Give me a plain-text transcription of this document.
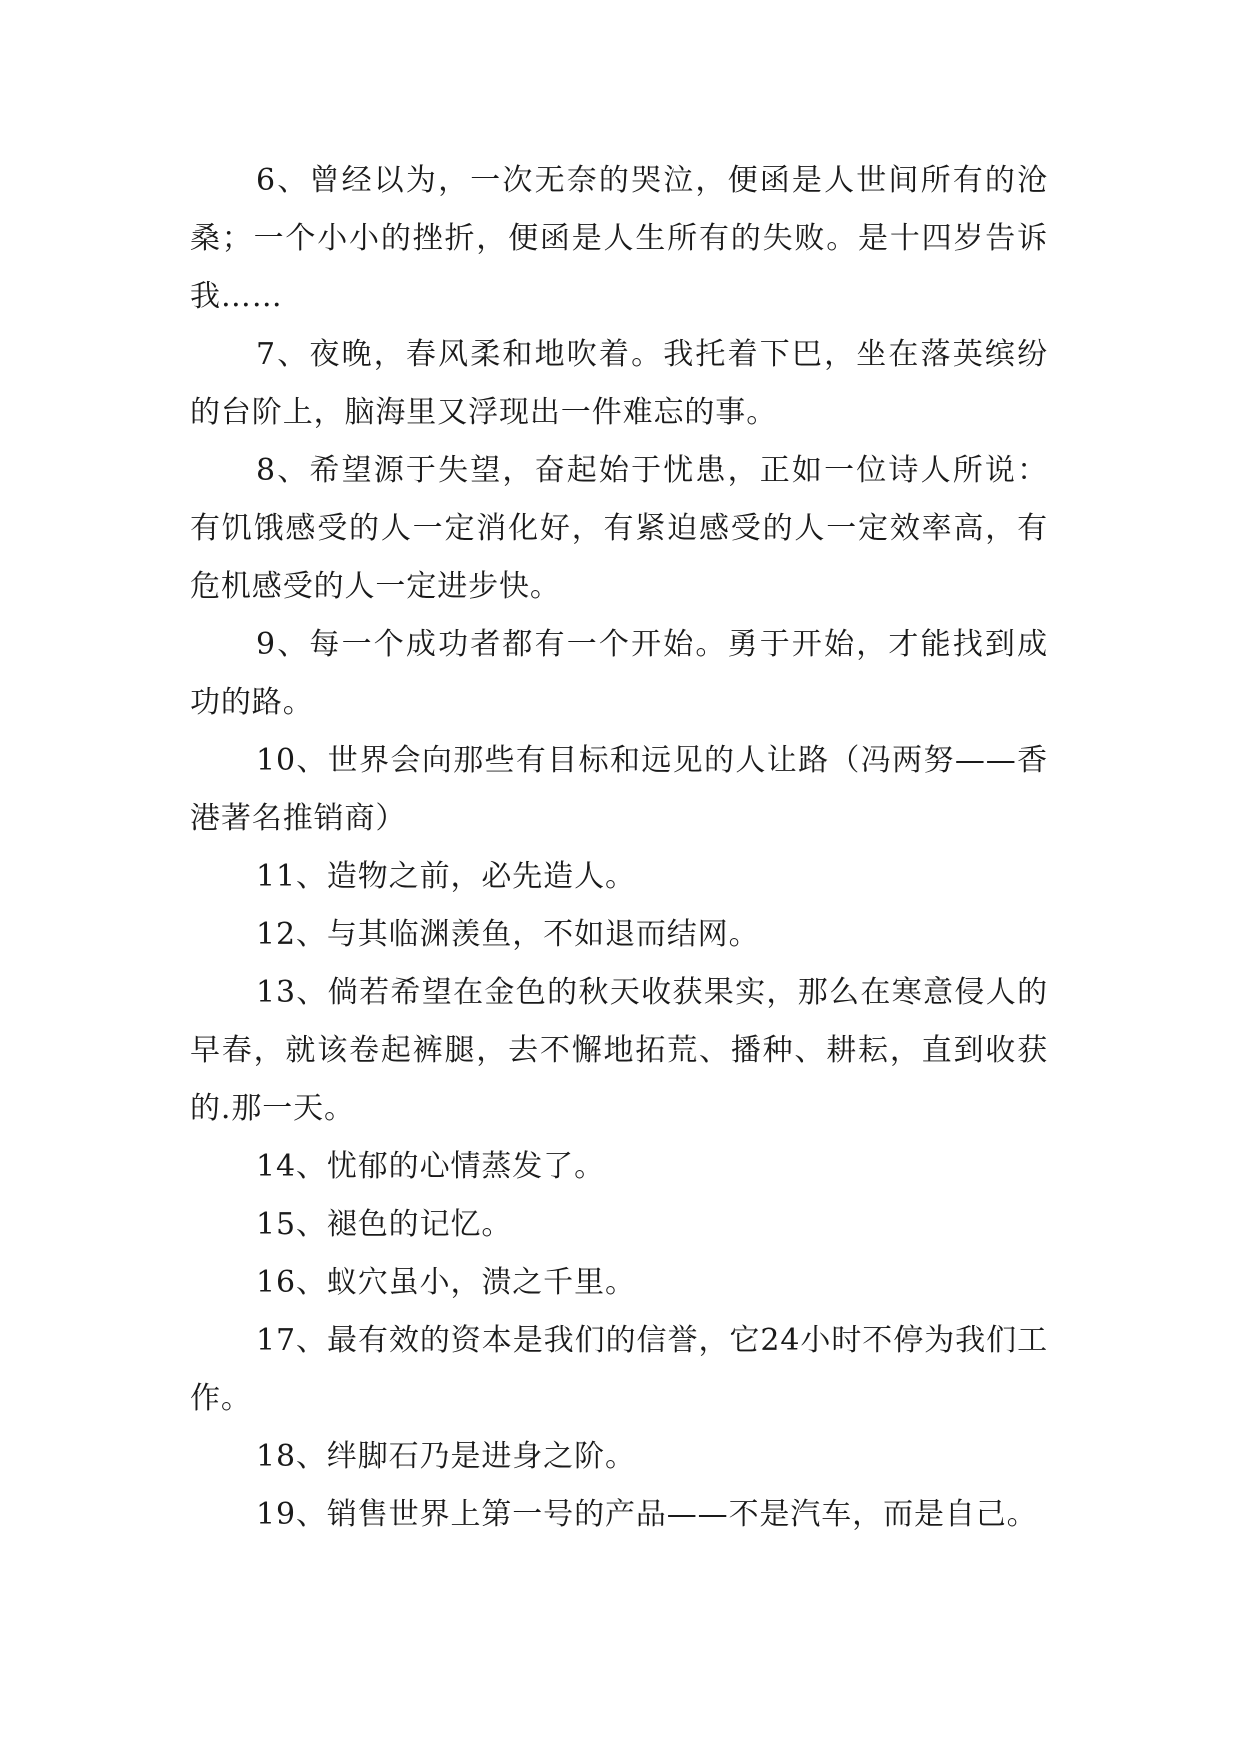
6、曾经以为，一次无奈的哭泣，便函是人世间所有的沧桑；一个小小的挫折，便函是人生所有的失败。是十四岁告诉我……

7、夜晚，春风柔和地吹着。我托着下巴，坐在落英缤纷的台阶上，脑海里又浮现出一件难忘的事。

8、希望源于失望，奋起始于忧患，正如一位诗人所说：有饥饿感受的人一定消化好，有紧迫感受的人一定效率高，有危机感受的人一定进步快。

9、每一个成功者都有一个开始。勇于开始，才能找到成功的路。

10、世界会向那些有目标和远见的人让路（冯两努——香港著名推销商）

11、造物之前，必先造人。

12、与其临渊羡鱼，不如退而结网。

13、倘若希望在金色的秋天收获果实，那么在寒意侵人的早春，就该卷起裤腿，去不懈地拓荒、播种、耕耘，直到收获的.那一天。

14、忧郁的心情蒸发了。

15、褪色的记忆。

16、蚁穴虽小，溃之千里。

17、最有效的资本是我们的信誉，它24小时不停为我们工作。

18、绊脚石乃是进身之阶。

19、销售世界上第一号的产品——不是汽车，而是自己。
